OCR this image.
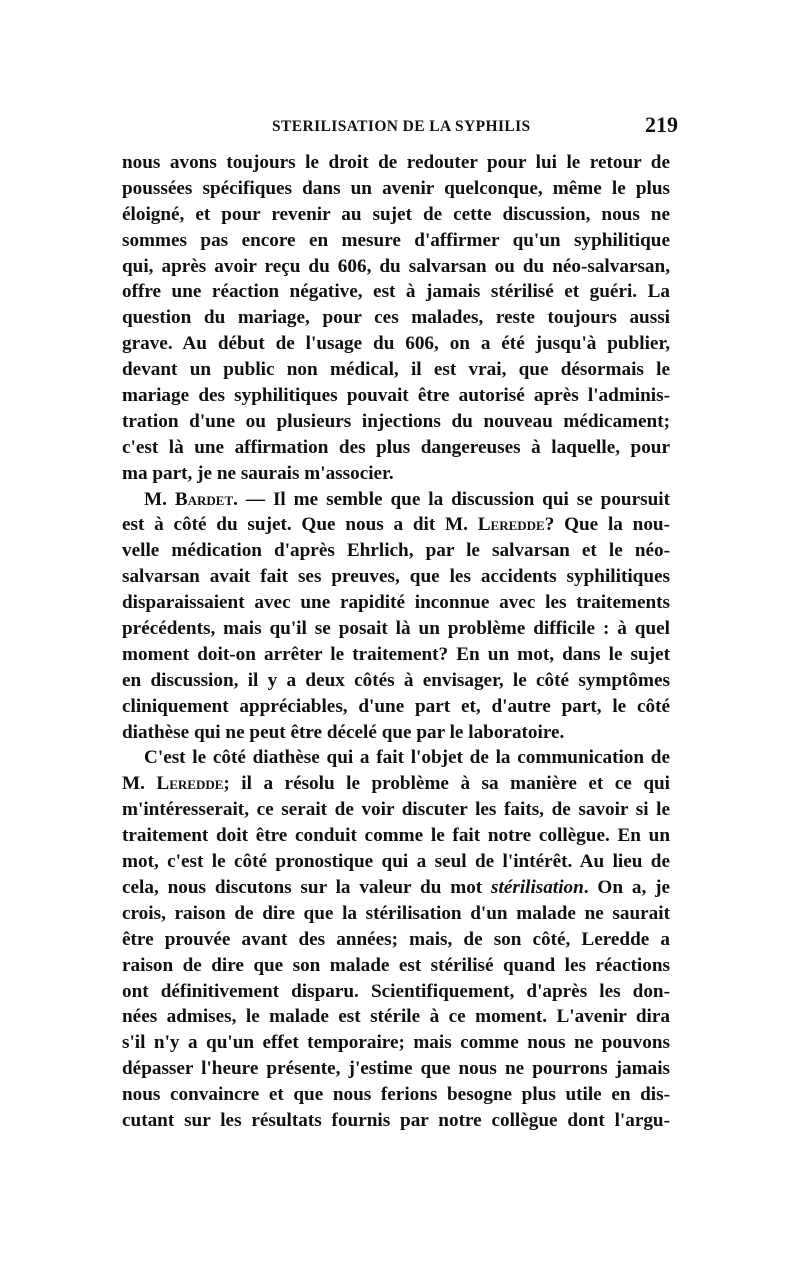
STERILISATION DE LA SYPHILIS	219
nous avons toujours le droit de redouter pour lui le retour de
poussées spécifiques dans un avenir quelconque, même le plus
éloigné, et pour revenir au sujet de cette discussion, nous ne
sommes pas encore en mesure d'affirmer qu'un syphilitique
qui, après avoir reçu du 606, du salvarsan ou du néo-salvarsan,
offre une réaction négative, est à jamais stérilisé et guéri. La
question du mariage, pour ces malades, reste toujours aussi
grave. Au début de l'usage du 606, on a été jusqu'à publier,
devant un public non médical, il est vrai, que désormais le
mariage des syphilitiques pouvait être autorisé après l'adminis-
tration d'une ou plusieurs injections du nouveau médicament;
c'est là une affirmation des plus dangereuses à laquelle, pour
ma part, je ne saurais m'associer.
M. Bardet. — Il me semble que la discussion qui se poursuit
est à côté du sujet. Que nous a dit M. Leredde? Que la nou-
velle médication d'après Ehrlich, par le salvarsan et le néo-
salvarsan avait fait ses preuves, que les accidents syphilitiques
disparaissaient avec une rapidité inconnue avec les traitements
précédents, mais qu'il se posait là un problème difficile : à quel
moment doit-on arrêter le traitement? En un mot, dans le sujet
en discussion, il y a deux côtés à envisager, le côté symptômes
cliniquement appréciables, d'une part et, d'autre part, le côté
diathèse qui ne peut être décelé que par le laboratoire.
C'est le côté diathèse qui a fait l'objet de la communication de
M. Leredde; il a résolu le problème à sa manière et ce qui
m'intéresserait, ce serait de voir discuter les faits, de savoir si le
traitement doit être conduit comme le fait notre collègue. En un
mot, c'est le côté pronostique qui a seul de l'intérêt. Au lieu de
cela, nous discutons sur la valeur du mot stérilisation. On a, je
crois, raison de dire que la stérilisation d'un malade ne saurait
être prouvée avant des années; mais, de son côté, Leredde a
raison de dire que son malade est stérilisé quand les réactions
ont définitivement disparu. Scientifiquement, d'après les don-
nées admises, le malade est stérile à ce moment. L'avenir dira
s'il n'y a qu'un effet temporaire; mais comme nous ne pouvons
dépasser l'heure présente, j'estime que nous ne pourrons jamais
nous convaincre et que nous ferions besogne plus utile en dis-
cutant sur les résultats fournis par notre collègue dont l'argu-
